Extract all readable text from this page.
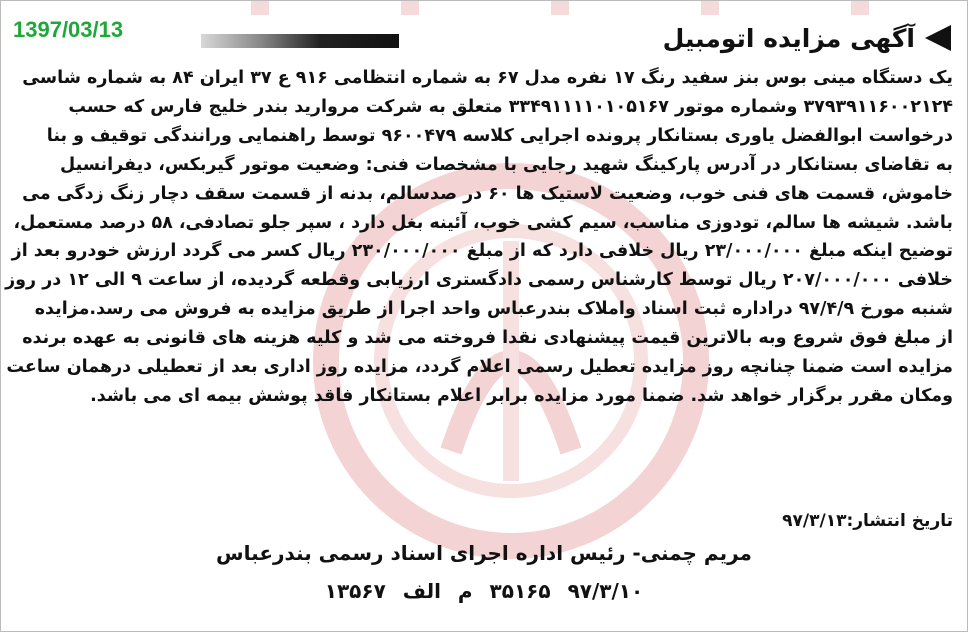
1397/03/13	آگهی مزایده اتومبیل
یک دستگاه مینی بوس بنز سفید رنگ ۱۷ نفره مدل ۶۷ به شماره انتظامی ۹۱۶ ع ۳۷ ایران ۸۴ به شماره شاسی
۳۷۹۳۹۱۱۶۰۰۲۱۲۴ وشماره موتور ۳۳۴۹۱۱۱۱۰۱۰۵۱۶۷ متعلق به شرکت مروارید بندر خلیج فارس که حسب
درخواست ابوالفضل یاوری بستانکار پرونده اجرایی کلاسه ۹۶۰۰۴۷۹ توسط راهنمایی ورانندگی توقیف و بنا
به تقاضای بستانکار در آدرس پارکینگ شهید رجایی با مشخصات فنی: وضعیت موتور گیربکس، دیفرانسیل
خاموش، قسمت های فنی خوب، وضعیت لاستیک ها ۶۰ در صدسالم، بدنه از قسمت سقف دچار زنگ زدگی می
باشد. شیشه ها سالم، تودوزی مناسب، سیم کشی خوب، آئینه بغل دارد ، سپر جلو تصادفی، ۵۸ درصد مستعمل،
توضیح اینکه مبلغ ۲۳/۰۰۰/۰۰۰ ریال خلافی دارد که از مبلغ ۲۳۰/۰۰۰/۰۰۰ ریال کسر می گردد ارزش خودرو بعد از
خلافی ۲۰۷/۰۰۰/۰۰۰ ریال توسط کارشناس رسمی دادگستری ارزیابی وقطعه گردیده، از ساعت ۹ الی ۱۲ در روز
شنبه مورخ ۹۷/۴/۹ دراداره ثبت اسناد واملاک بندرعباس واحد اجرا از طریق مزایده به فروش می رسد.مزایده
از مبلغ فوق شروع وبه بالاترین قیمت پیشنهادی نقدا فروخته می شد و کلیه هزینه های قانونی به عهده برنده
مزایده است ضمنا چنانچه روز مزایده تعطیل رسمی اعلام گردد، مزایده روز اداری بعد از تعطیلی درهمان ساعت
ومکان مقرر برگزار خواهد شد. ضمنا مورد مزایده برابر اعلام بستانکار فاقد پوشش بیمه ای می باشد.
تاریخ انتشار:۹۷/۳/۱۳
مریم چمنی- رئیس اداره اجرای اسناد رسمی بندرعباس
۹۷/۳/۱۰ ۳۵۱۶۵ م الف ۱۳۵۶۷
